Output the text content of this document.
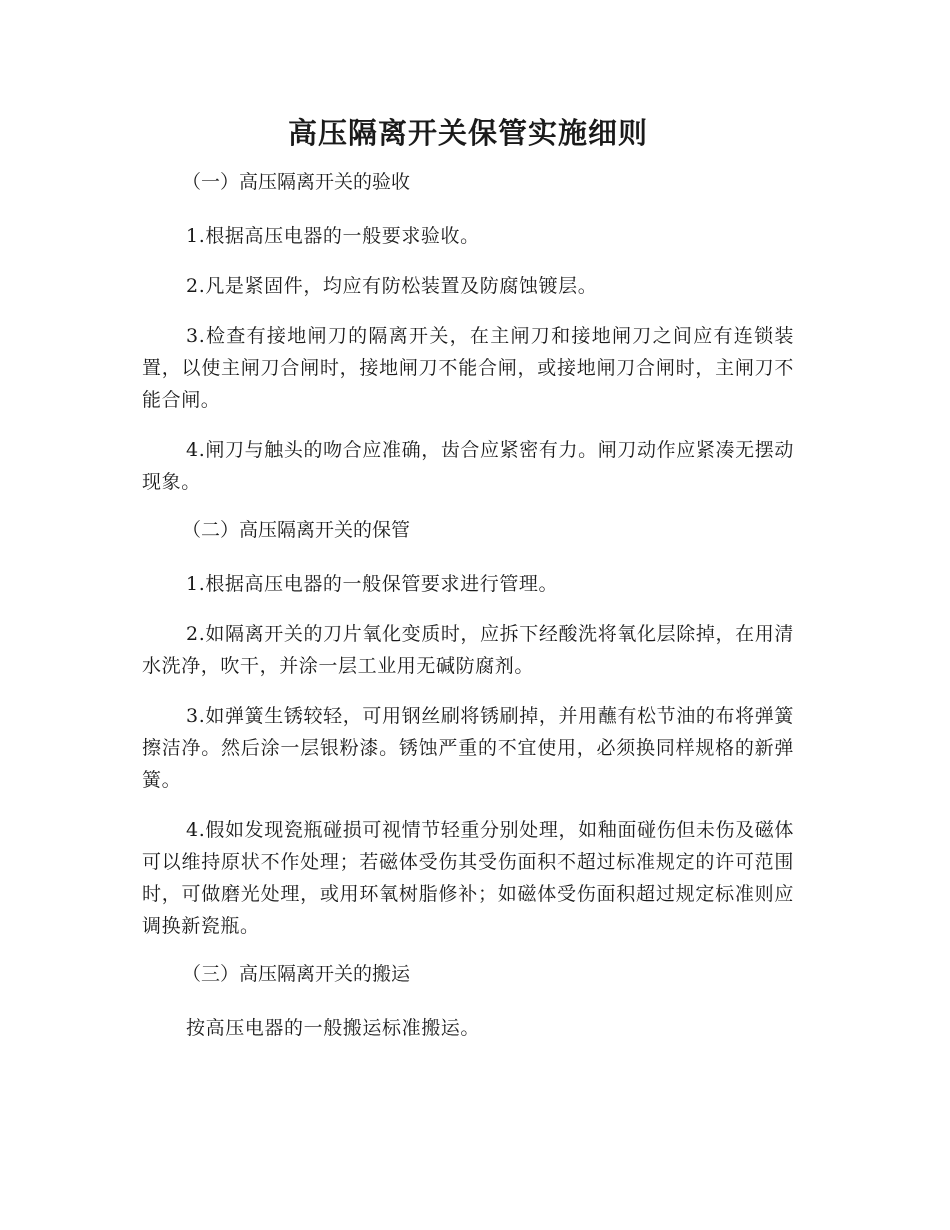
高压隔离开关保管实施细则
（一）高压隔离开关的验收

1.根据高压电器的一般要求验收。

2.凡是紧固件，均应有防松装置及防腐蚀镀层。

3.检查有接地闸刀的隔离开关，在主闸刀和接地闸刀之间应有连锁装置，以使主闸刀合闸时，接地闸刀不能合闸，或接地闸刀合闸时，主闸刀不能合闸。

4.闸刀与触头的吻合应准确，齿合应紧密有力。闸刀动作应紧凑无摆动现象。

（二）高压隔离开关的保管

1.根据高压电器的一般保管要求进行管理。

2.如隔离开关的刀片氧化变质时，应拆下经酸洗将氧化层除掉，在用清水洗净，吹干，并涂一层工业用无碱防腐剂。

3.如弹簧生锈较轻，可用钢丝刷将锈刷掉，并用蘸有松节油的布将弹簧擦洁净。然后涂一层银粉漆。锈蚀严重的不宜使用，必须换同样规格的新弹簧。

4.假如发现瓷瓶碰损可视情节轻重分别处理，如釉面碰伤但未伤及磁体可以维持原状不作处理；若磁体受伤其受伤面积不超过标准规定的许可范围时，可做磨光处理，或用环氧树脂修补；如磁体受伤面积超过规定标准则应调换新瓷瓶。

（三）高压隔离开关的搬运

按高压电器的一般搬运标准搬运。
